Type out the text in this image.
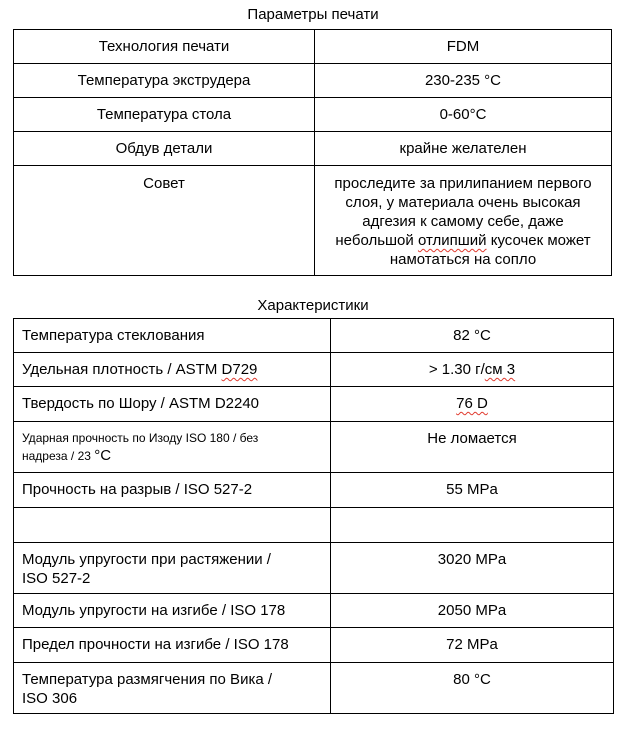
Параметры печати
Технология печати	FDM

Температура экструдера	230-235 °С

Температура стола	0-60°С

Обдув детали	крайне желателен

Совет	проследите за прилипанием первого
слоя, у материала очень высокая
адгезия к самому себе, даже
небольшой отлипший кусочек может
намотаться на сопло
Характеристики
Температура стеклования	82 °С

Удельная плотность / ASTM D729	> 1.30 г/см 3

Твердость по Шору / ASTM D2240	76 D

Ударная прочность по Изоду ISO 180 / без
надреза / 23 °С	Не ломается

Прочность на разрыв / ISO 527-2	55 MPa

Модуль упругости при растяжении /
ISO 527-2	3020 MPa

Модуль упругости на изгибе / ISO 178	2050 MPa

Предел прочности на изгибе / ISO 178	72 MPa

Температура размягчения по Вика /
ISO 306	80 °С
